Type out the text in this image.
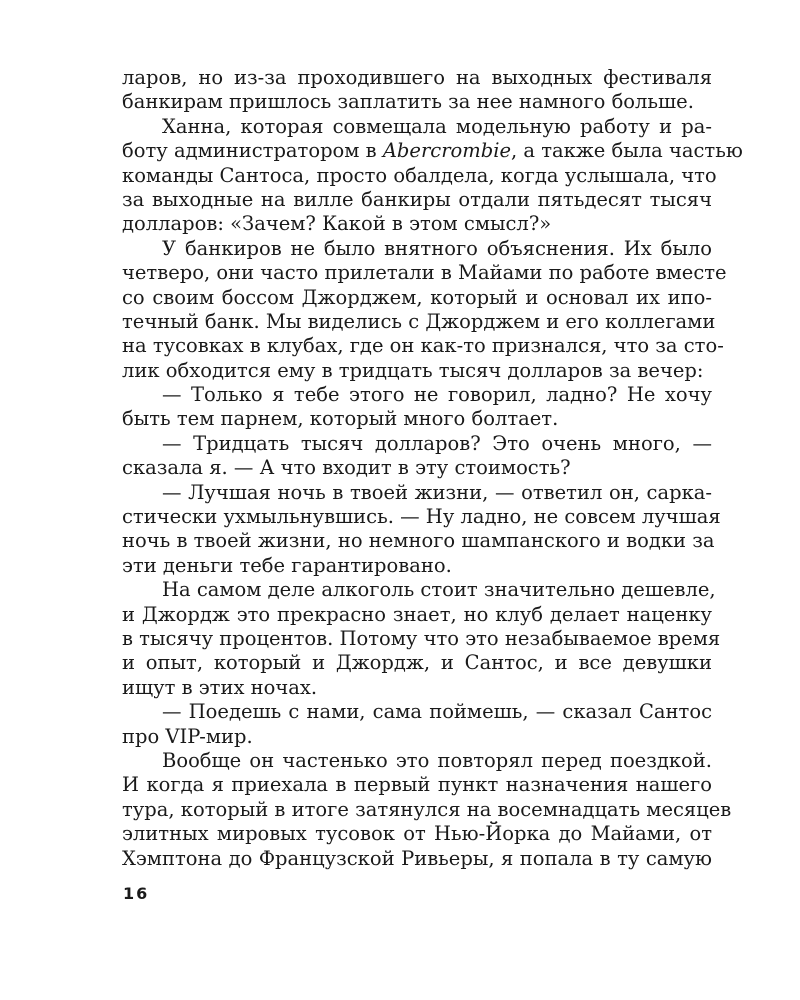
ларов, но из-за проходившего на выходных фестиваля
банкирам пришлось заплатить за нее намного больше.
Ханна, которая совмещала модельную работу и ра-
боту администратором в Abercrombie, а также была частью
команды Сантоса, просто обалдела, когда услышала, что
за выходные на вилле банкиры отдали пятьдесят тысяч
долларов: «Зачем? Какой в этом смысл?»
У банкиров не было внятного объяснения. Их было
четверо, они часто прилетали в Майами по работе вместе
со своим боссом Джорджем, который и основал их ипо-
течный банк. Мы виделись с Джорджем и его коллегами
на тусовках в клубах, где он как-то признался, что за сто-
лик обходится ему в тридцать тысяч долларов за вечер:
— Только я тебе этого не говорил, ладно? Не хочу
быть тем парнем, который много болтает.
— Тридцать тысяч долларов? Это очень много, —
сказала я. — А что входит в эту стоимость?
— Лучшая ночь в твоей жизни, — ответил он, сарка-
стически ухмыльнувшись. — Ну ладно, не совсем лучшая
ночь в твоей жизни, но немного шампанского и водки за
эти деньги тебе гарантировано.
На самом деле алкоголь стоит значительно дешевле,
и Джордж это прекрасно знает, но клуб делает наценку
в тысячу процентов. Потому что это незабываемое время
и опыт, который и Джордж, и Сантос, и все девушки
ищут в этих ночах.
— Поедешь с нами, сама поймешь, — сказал Сантос
про VIP-мир.
Вообще он частенько это повторял перед поездкой.
И когда я приехала в первый пункт назначения нашего
тура, который в итоге затянулся на восемнадцать месяцев
элитных мировых тусовок от Нью-Йорка до Майами, от
Хэмптона до Французской Ривьеры, я попала в ту самую
16
